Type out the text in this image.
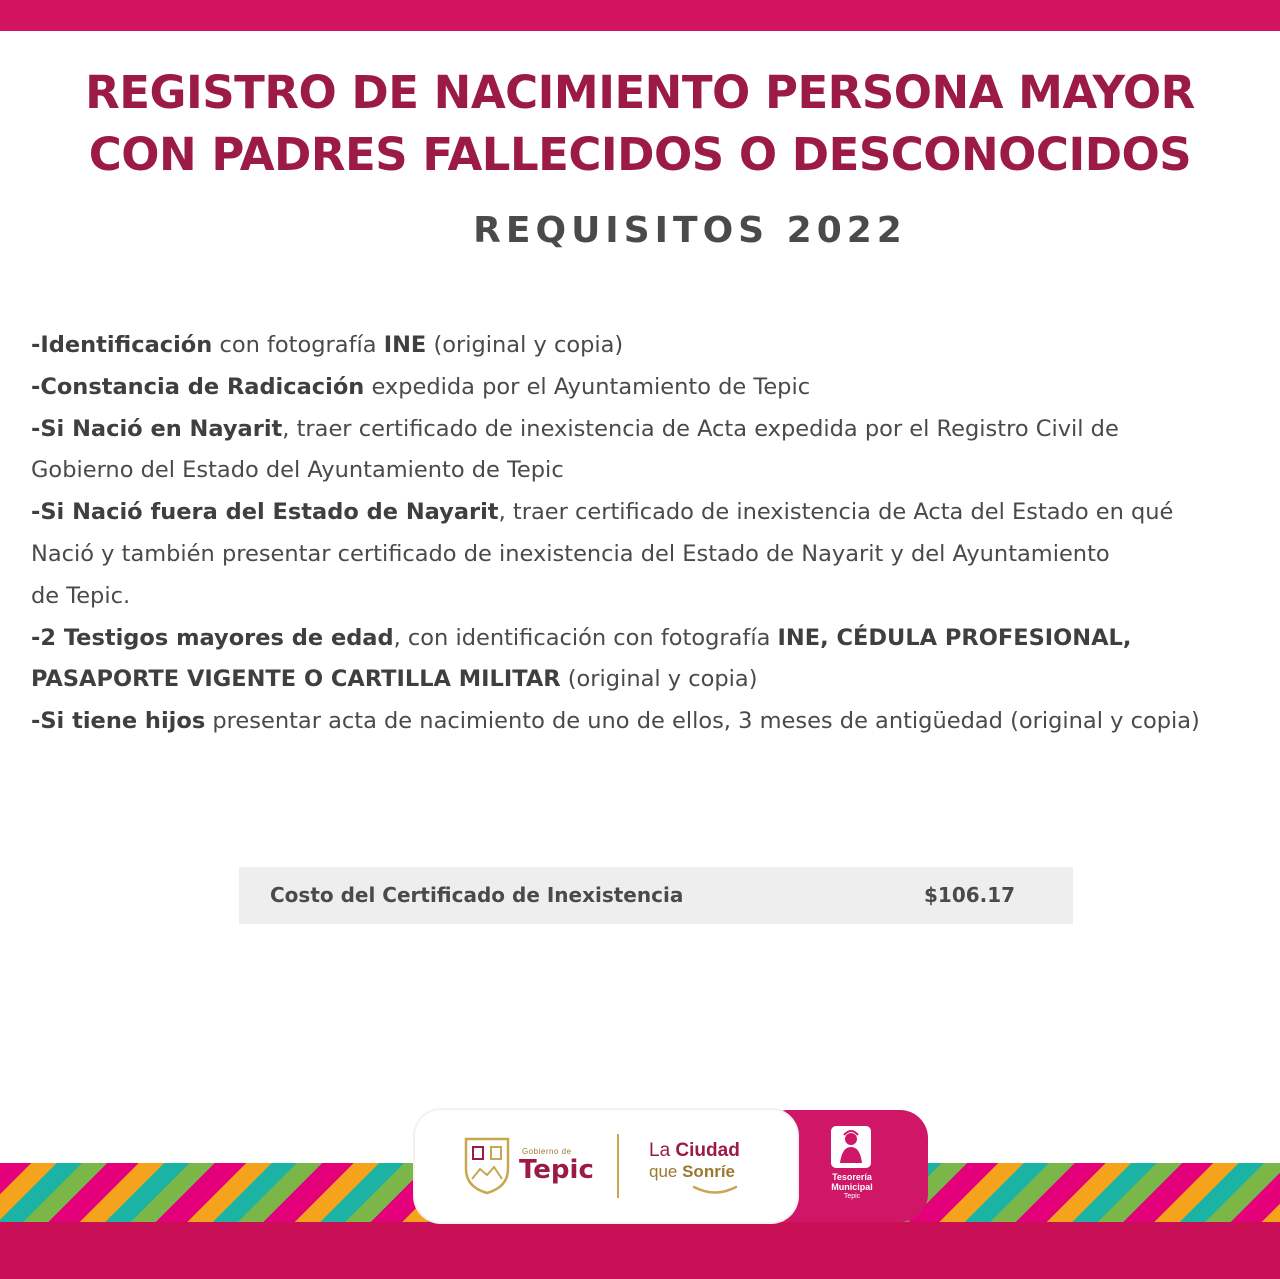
REGISTRO DE NACIMIENTO PERSONA MAYOR
CON PADRES FALLECIDOS O DESCONOCIDOS
REQUISITOS 2022
-Identificación con fotografía INE (original y copia)
-Constancia de Radicación expedida por el Ayuntamiento de Tepic
-Si Nació en Nayarit, traer certificado de inexistencia de Acta expedida por el Registro Civil de
Gobierno del Estado del Ayuntamiento de Tepic
-Si Nació fuera del Estado de Nayarit, traer certificado de inexistencia de Acta del Estado en qué
Nació y también presentar certificado de inexistencia del Estado de Nayarit y del Ayuntamiento
de Tepic.
-2 Testigos mayores de edad, con identificación con fotografía INE, CÉDULA PROFESIONAL,
PASAPORTE VIGENTE O CARTILLA MILITAR (original y copia)
-Si tiene hijos presentar acta de nacimiento de uno de ellos, 3 meses de antigüedad (original y copia)
Costo del Certificado de Inexistencia	$106.17
Gobierno de
Tepic
La Ciudad
que Sonríe	Tesorería
Municipal
Tepic
